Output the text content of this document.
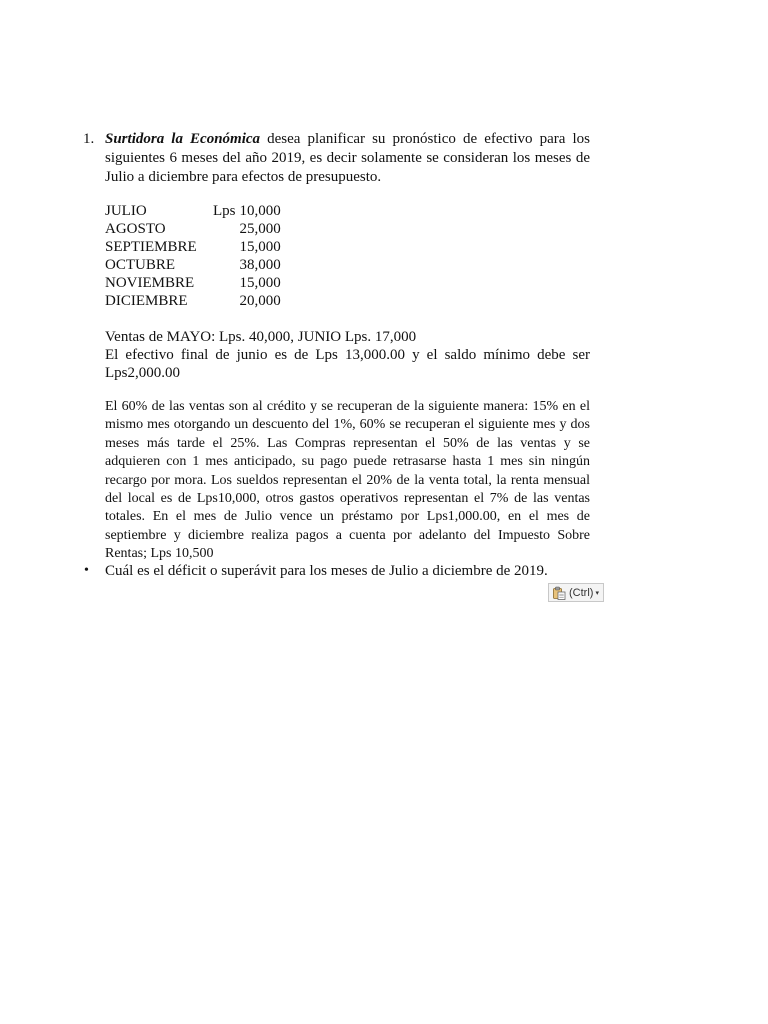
1. Surtidora la Económica desea planificar su pronóstico de efectivo para los siguientes 6 meses del año 2019, es decir solamente se consideran los meses de Julio a diciembre para efectos de presupuesto.
JULIO	Lps 10,000
AGOSTO	25,000
SEPTIEMBRE	15,000
OCTUBRE	38,000
NOVIEMBRE	15,000
DICIEMBRE	20,000
Ventas de MAYO: Lps. 40,000, JUNIO Lps. 17,000
El efectivo final de junio es de Lps 13,000.00 y el saldo mínimo debe ser Lps2,000.00
El 60% de las ventas son al crédito y se recuperan de la siguiente manera: 15% en el mismo mes otorgando un descuento del 1%, 60% se recuperan el siguiente mes y dos meses más tarde el 25%. Las Compras representan el 50% de las ventas y se adquieren con 1 mes anticipado, su pago puede retrasarse hasta 1 mes sin ningún recargo por mora. Los sueldos representan el 20% de la venta total, la renta mensual del local es de Lps10,000, otros gastos operativos representan el 7% de las ventas totales. En el mes de Julio vence un préstamo por Lps1,000.00, en el mes de septiembre y diciembre realiza pagos a cuenta por adelanto del Impuesto Sobre Rentas; Lps 10,500
• Cuál es el déficit o superávit para los meses de Julio a diciembre de 2019.
(Ctrl) ▾
